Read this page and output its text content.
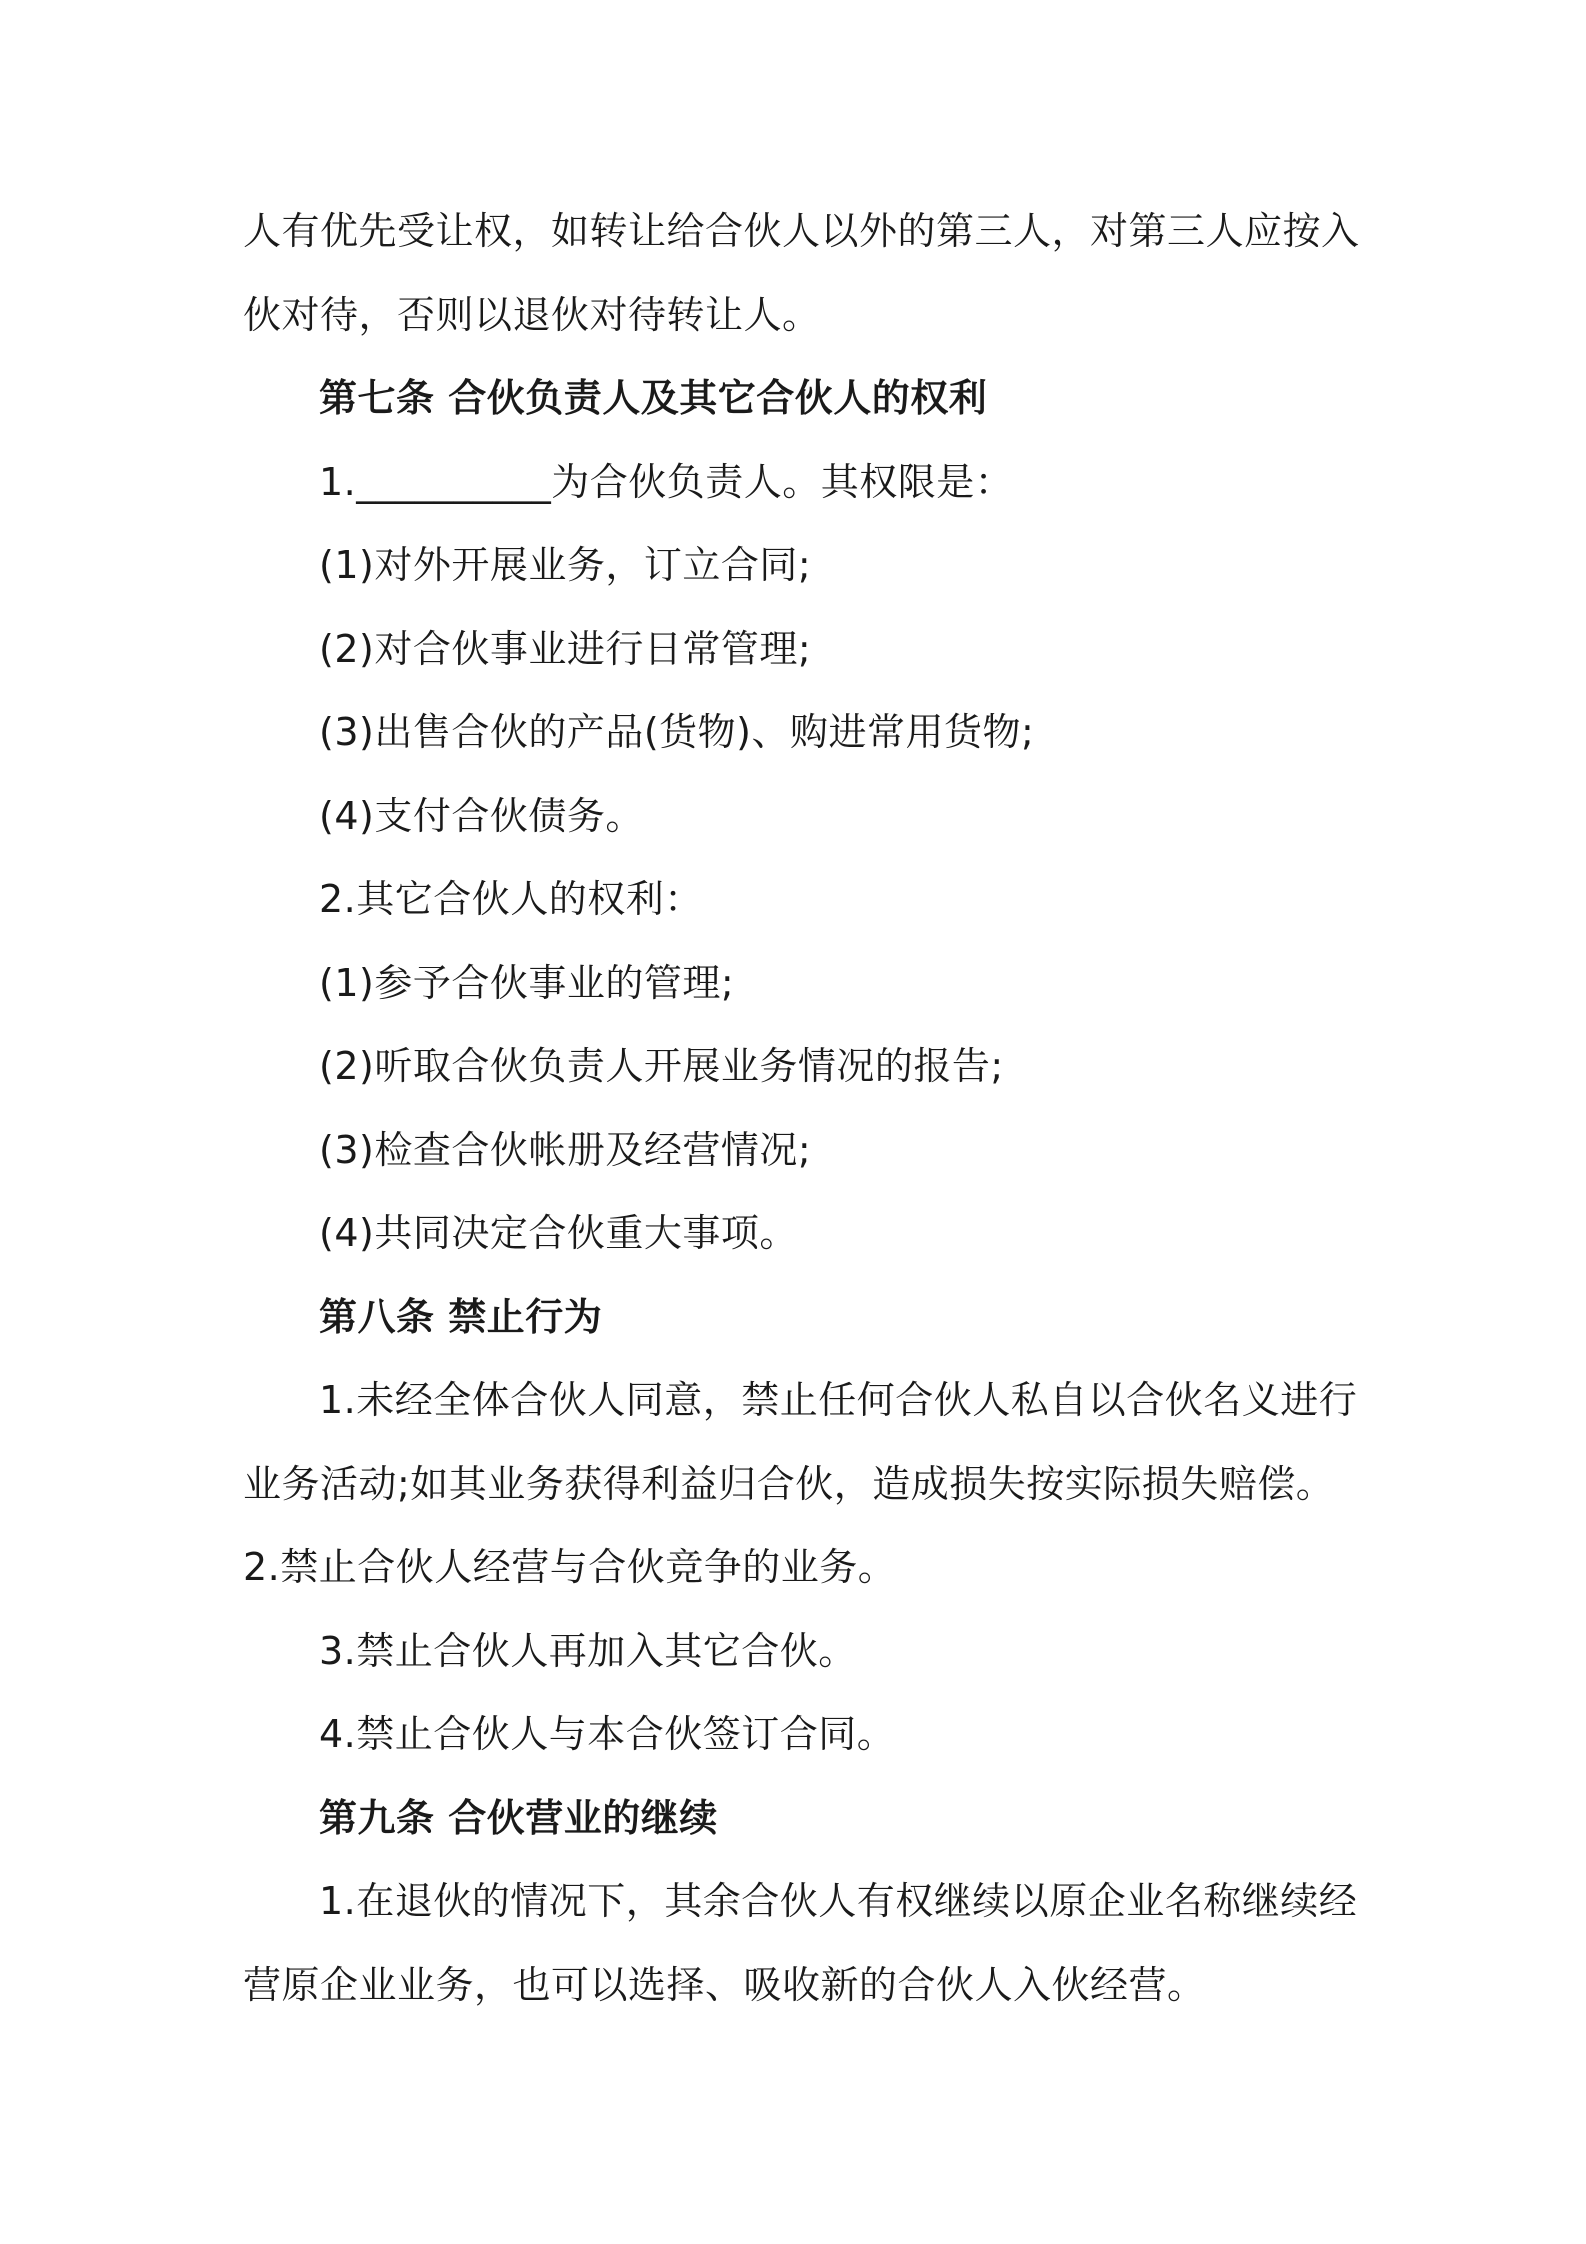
人有优先受让权，如转让给合伙人以外的第三人，对第三人应按入
伙对待，否则以退伙对待转让人。
第七条 合伙负责人及其它合伙人的权利
1.__________为合伙负责人。其权限是：
(1)对外开展业务，订立合同;
(2)对合伙事业进行日常管理;
(3)出售合伙的产品(货物)、购进常用货物;
(4)支付合伙债务。
2.其它合伙人的权利：
(1)参予合伙事业的管理;
(2)听取合伙负责人开展业务情况的报告;
(3)检查合伙帐册及经营情况;
(4)共同决定合伙重大事项。
第八条 禁止行为
1.未经全体合伙人同意，禁止任何合伙人私自以合伙名义进行
业务活动;如其业务获得利益归合伙，造成损失按实际损失赔偿。
2.禁止合伙人经营与合伙竞争的业务。
3.禁止合伙人再加入其它合伙。
4.禁止合伙人与本合伙签订合同。
第九条 合伙营业的继续
1.在退伙的情况下，其余合伙人有权继续以原企业名称继续经
营原企业业务，也可以选择、吸收新的合伙人入伙经营。
